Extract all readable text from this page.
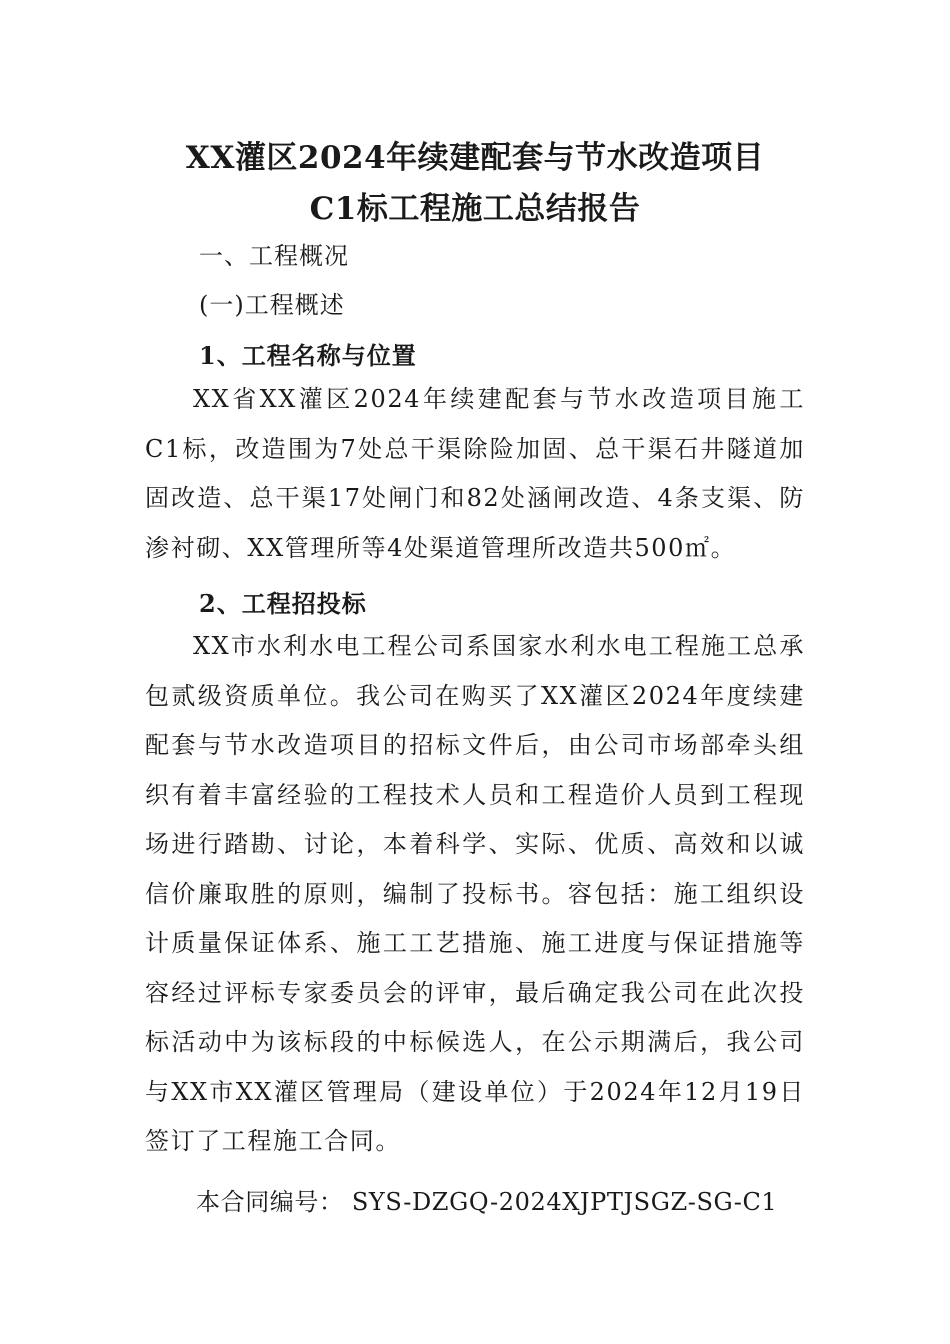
XX灌区2024年续建配套与节水改造项目
C1标工程施工总结报告
一、工程概况
(一)工程概述
1、工程名称与位置

XX省XX灌区2024年续建配套与节水改造项目施工C1标，改造围为7处总干渠除险加固、总干渠石井隧道加固改造、总干渠17处闸门和82处涵闸改造、4条支渠、防渗衬砌、XX管理所等4处渠道管理所改造共500㎡。

2、工程招投标

XX市水利水电工程公司系国家水利水电工程施工总承包贰级资质单位。我公司在购买了XX灌区2024年度续建配套与节水改造项目的招标文件后，由公司市场部牵头组织有着丰富经验的工程技术人员和工程造价人员到工程现场进行踏勘、讨论，本着科学、实际、优质、高效和以诚信价廉取胜的原则，编制了投标书。容包括：施工组织设计质量保证体系、施工工艺措施、施工进度与保证措施等容经过评标专家委员会的评审，最后确定我公司在此次投标活动中为该标段的中标候选人，在公示期满后，我公司与XX市XX灌区管理局（建设单位）于2024年12月19日签订了工程施工合同。

本合同编号： SYS-DZGQ-2024XJPTJSGZ-SG-C1
